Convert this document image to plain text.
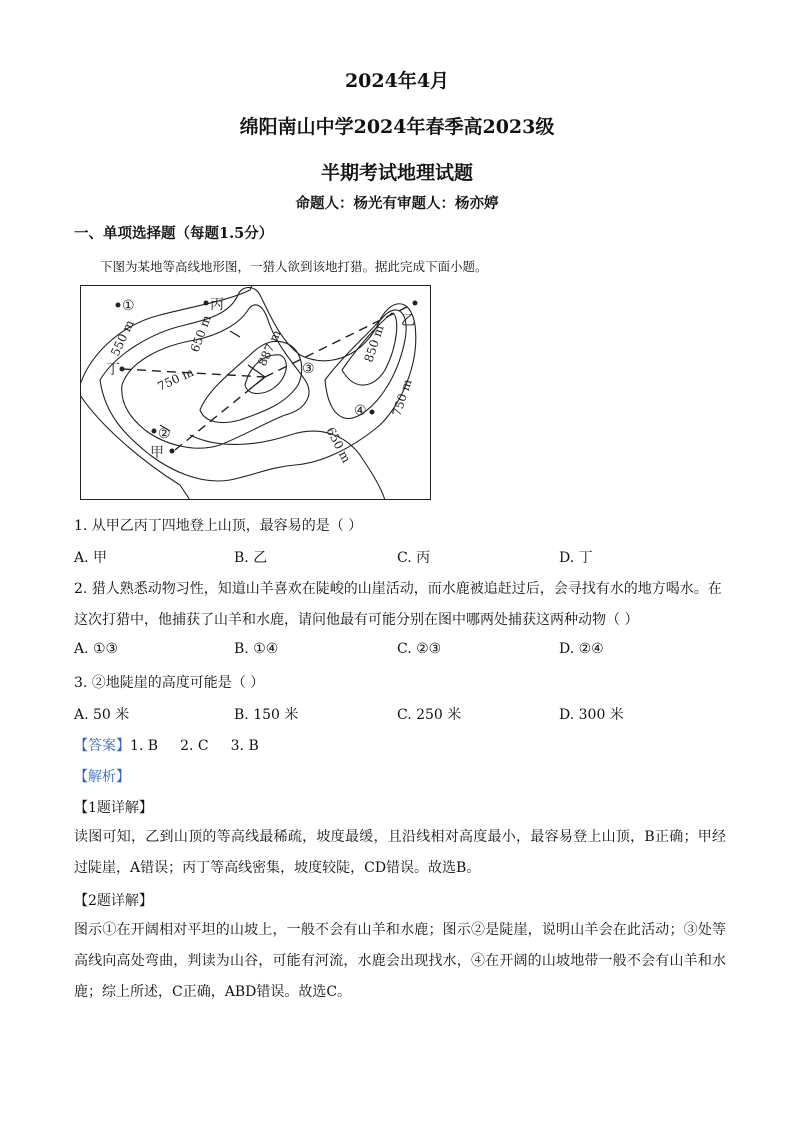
2024年4月
绵阳南山中学2024年春季高2023级
半期考试地理试题
命题人：杨光有审题人：杨亦婷
一、单项选择题（每题1.5分）
下图为某地等高线地形图，一猎人欲到该地打猎。据此完成下面小题。
①
②
③
④
丙
乙
甲
丁
550 m	650 m
750 m
887 m	850 m
750 m
650 m
1. 从甲乙丙丁四地登上山顶，最容易的是（ ）
A. 甲	B. 乙	C. 丙	D. 丁
2. 猎人熟悉动物习性，知道山羊喜欢在陡峻的山崖活动，而水鹿被追赶过后，会寻找有水的地方喝水。在
这次打猎中，他捕获了山羊和水鹿，请问他最有可能分别在图中哪两处捕获这两种动物（ ）
A. ①③	B. ①④	C. ②③	D. ②④
3. ②地陡崖的高度可能是（ ）
A. 50 米	B. 150 米	C. 250 米	D. 300 米
【答案】1. B 2. C 3. B
【解析】
【1题详解】
读图可知，乙到山顶的等高线最稀疏，坡度最缓，且沿线相对高度最小，最容易登上山顶，B正确；甲经过陡崖，A错误；丙丁等高线密集，坡度较陡，CD错误。故选B。
【2题详解】
图示①在开阔相对平坦的山坡上，一般不会有山羊和水鹿；图示②是陡崖，说明山羊会在此活动；③处等高线向高处弯曲，判读为山谷，可能有河流，水鹿会出现找水，④在开阔的山坡地带一般不会有山羊和水鹿；综上所述，C正确，ABD错误。故选C。
